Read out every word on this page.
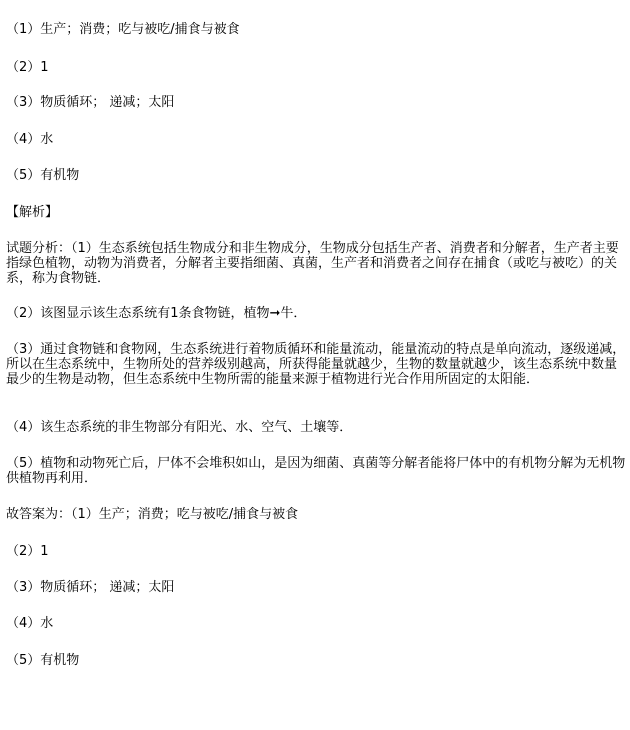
（1）生产；消费；吃与被吃/捕食与被食
（2）1
（3）物质循环； 递减；太阳
（4）水
（5）有机物
【解析】
试题分析：（1）生态系统包括生物成分和非生物成分，生物成分包括生产者、消费者和分解者，生产者主要指绿色植物，动物为消费者，分解者主要指细菌、真菌，生产者和消费者之间存在捕食（或吃与被吃）的关系，称为食物链．
（2）该图显示该生态系统有1条食物链，植物➞牛．
（3）通过食物链和食物网，生态系统进行着物质循环和能量流动，能量流动的特点是单向流动，逐级递减，所以在生态系统中，生物所处的营养级别越高，所获得能量就越少，生物的数量就越少，该生态系统中数量最少的生物是动物，但生态系统中生物所需的能量来源于植物进行光合作用所固定的太阳能．
（4）该生态系统的非生物部分有阳光、水、空气、土壤等．
（5）植物和动物死亡后，尸体不会堆积如山，是因为细菌、真菌等分解者能将尸体中的有机物分解为无机物供植物再利用．
故答案为：（1）生产；消费；吃与被吃/捕食与被食
（2）1
（3）物质循环； 递减；太阳
（4）水
（5）有机物
